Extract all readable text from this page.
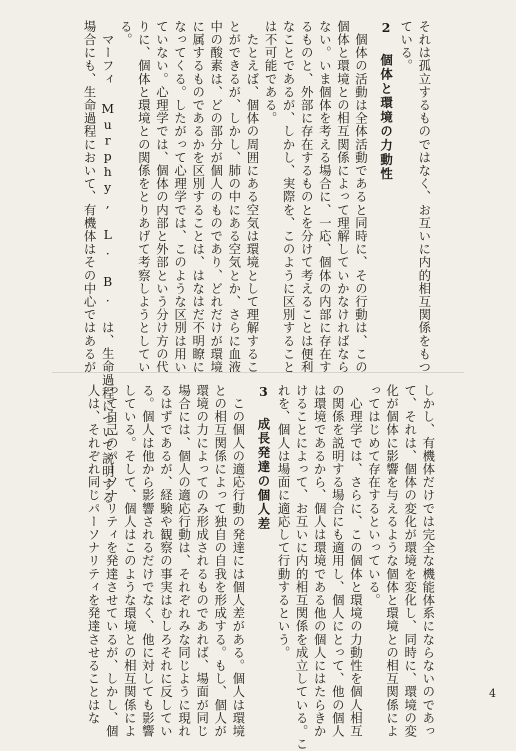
それは孤立するものではなく、お互いに内的相互関係をもつ

ている。

2 個体と環境の力動性

　個体の活動は全体活動であると同時に、その行動は、この

個体と環境との相互関係によって理解していかなければなら

ない。いま個体を考える場合に、一応、個体の内部に存在す

るものと、外部に存在するものとを分けて考えることは便利

なことであるが、しかし、実際を、このように区別すること

は不可能である。

　たとえば、個体の周囲にある空気は環境として理解するこ

とができるが、しかし、肺の中にある空気とか、さらに血液

中の酸素は、どの部分が個人のものであり、どれだけが環境

に属するものであるかを区別することは、はなはだ不明瞭に

なってくる。したがって心理学では、このような区別は用い

ていない。心理学では、個体の内部と外部という分け方の代

りに、個体と環境との関係をとりあげて考察しようとしてい

る。

　マーフィ Murphy, L. B. は、生命過程について説明する

場合にも、生命過程において、有機体はその中心ではあるが

しかし、有機体だけでは完全な機能体系にならないのであっ

て、それは、個体の変化が環境を変化し、同時に、環境の変

化が個体に影響を与えるような個体と環境との相互関係によ

ってはじめて存在するといっている。

　心理学では、さらに、この個体と環境の力動性を個人相互

の関係を説明する場合にも適用し、個人にとって、他の個人

は環境であるから、個人は環境である他の個人にはたらきか

けることによって、お互いに内的相互関係を成立している。こ

れを、個人は場面に適応して行動するという。

3 成長発達の個人差

　この個人の適応行動の発達には個人差がある。個人は環境

との相互関係によって独自の自我を形成する。もし、個人が

環境の力によってのみ形成されるものであれば、場面が同じ

場合には、個人の適応行動は、それぞれみな同じように現れ

るはずであるが、経験や観察の事実はむしろそれに反してい

る。個人は他から影響されるだけでなく、他に対しても影響

している。そして、個人はこのような環境との相互関係によ

って自己のパーソナリティを発達させているが、しかし、個

人は、それぞれ同じパーソナリティを発達させることはな	4
